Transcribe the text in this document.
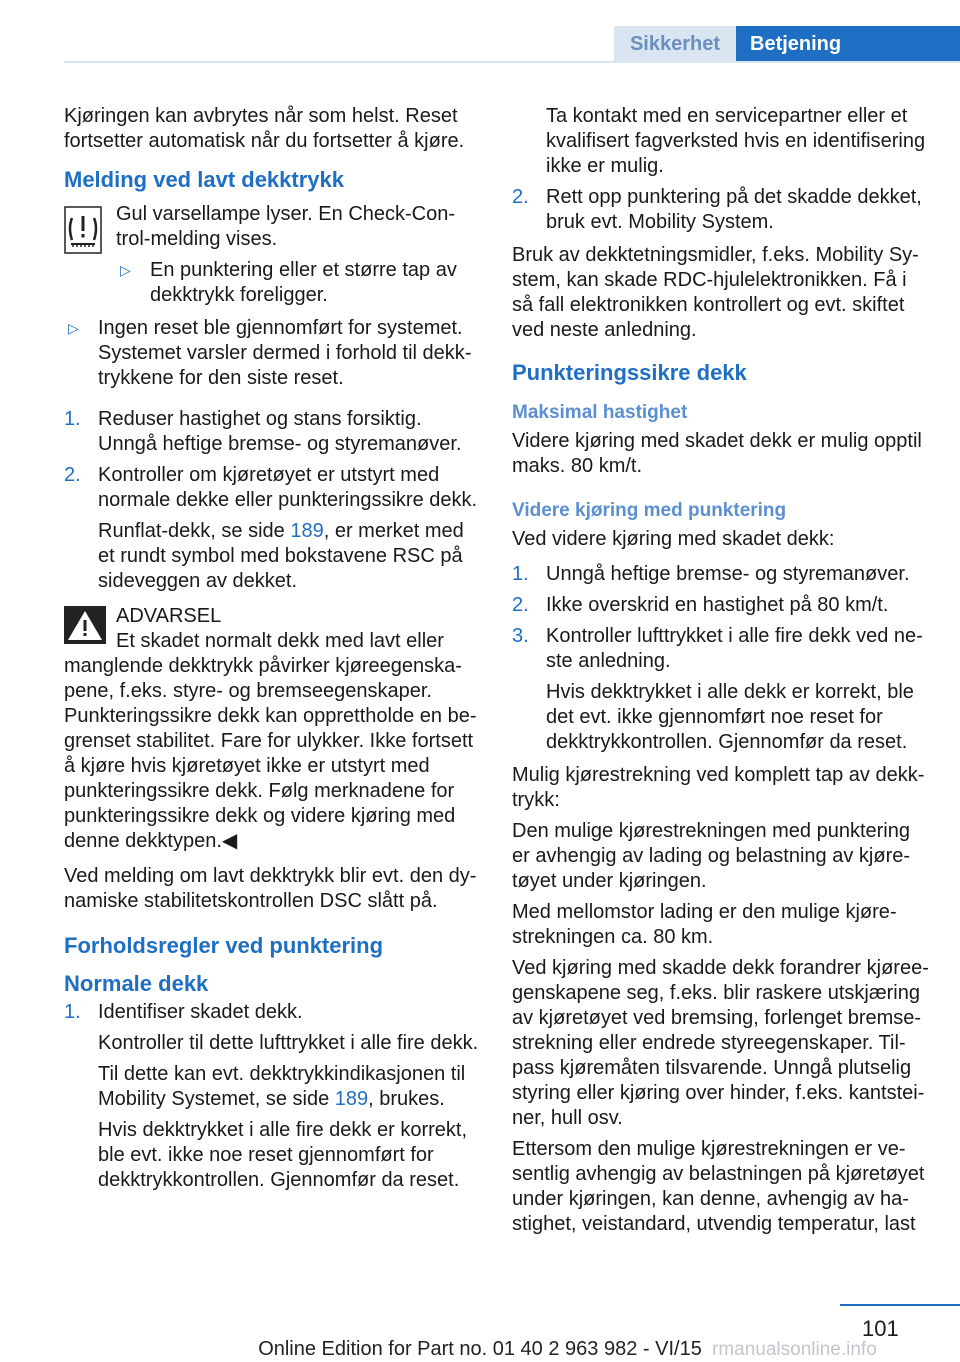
Sikkerhet	Betjening

Kjøringen kan avbrytes når som helst. Reset fortsetter automatisk når du fortsetter å kjøre.

Melding ved lavt dekktrykk

Gul varsellampe lyser. En Check-Control-melding vises.

▷ En punktering eller et større tap av dekktrykk foreligger.
▷ Ingen reset ble gjennomført for systemet. Systemet varsler dermed i forhold til dekktrykkene for den siste reset.
1. Reduser hastighet og stans forsiktig. Unngå heftige bremse- og styremanøver.
2. Kontroller om kjøretøyet er utstyrt med normale dekke eller punkteringssikre dekk.
Runflat-dekk, se side 189, er merket med et rundt symbol med bokstavene RSC på sideveggen av dekket.
ADVARSEL
Et skadet normalt dekk med lavt eller
manglende dekktrykk påvirker kjøreegenskapene, f.eks. styre- og bremseegenskaper. Punkteringssikre dekk kan opprettholde en begrenset stabilitet. Fare for ulykker. Ikke fortsett å kjøre hvis kjøretøyet ikke er utstyrt med punkteringssikre dekk. Følg merknadene for punkteringssikre dekk og videre kjøring med denne dekktypen.◀

Ved melding om lavt dekktrykk blir evt. den dynamiske stabilitetskontrollen DSC slått på.

Forholdsregler ved punktering
Normale dekk
1. Identifiser skadet dekk.
Kontroller til dette lufttrykket i alle fire dekk.
Til dette kan evt. dekktrykkindikasjonen til Mobility Systemet, se side 189, brukes.
Hvis dekktrykket i alle fire dekk er korrekt, ble evt. ikke noe reset gjennomført for dekktrykkontrollen. Gjennomfør da reset.
Ta kontakt med en servicepartner eller et kvalifisert fagverksted hvis en identifisering ikke er mulig.
2. Rett opp punktering på det skadde dekket, bruk evt. Mobility System.

Bruk av dekktetningsmidler, f.eks. Mobility System, kan skade RDC-hjulelektronikken. Få i så fall elektronikken kontrollert og evt. skiftet ved neste anledning.

Punkteringssikre dekk
Maksimal hastighet

Videre kjøring med skadet dekk er mulig opptil maks. 80 km/t.

Videre kjøring med punktering

Ved videre kjøring med skadet dekk:

1. Unngå heftige bremse- og styremanøver.
2. Ikke overskrid en hastighet på 80 km/t.
3. Kontroller lufttrykket i alle fire dekk ved neste anledning.
Hvis dekktrykket i alle dekk er korrekt, ble det evt. ikke gjennomført noe reset for dekktrykkontrollen. Gjennomfør da reset.

Mulig kjørestrekning ved komplett tap av dekktrykk:

Den mulige kjørestrekningen med punktering er avhengig av lading og belastning av kjøretøyet under kjøringen.

Med mellomstor lading er den mulige kjørestrekningen ca. 80 km.

Ved kjøring med skadde dekk forandrer kjøreegenskapene seg, f.eks. blir raskere utskjæring av kjøretøyet ved bremsing, forlenget bremsestrekning eller endrede styreegenskaper. Tilpass kjøremåten tilsvarende. Unngå plutselig styring eller kjøring over hinder, f.eks. kantsteiner, hull osv.

Ettersom den mulige kjørestrekningen er vesentlig avhengig av belastningen på kjøretøyet under kjøringen, kan denne, avhengig av hastighet, veistandard, utvendig temperatur, last

101
Online Edition for Part no. 01 40 2 963 982 - VI/15 rmanualsonline.info
